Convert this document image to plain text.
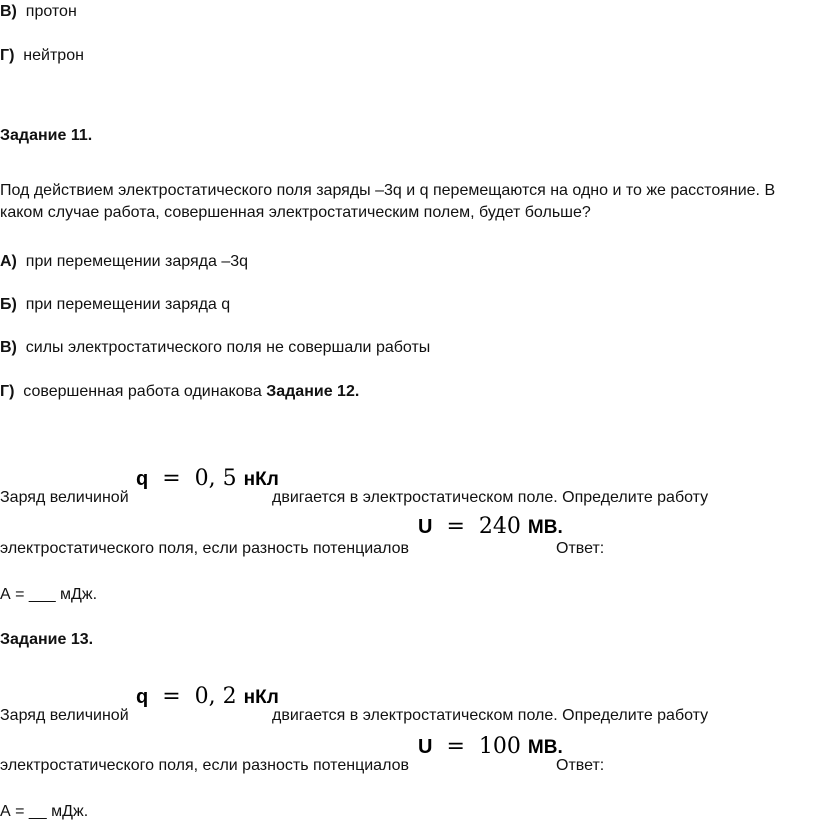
В) протон
Г) нейтрон
Задание 11.
Под действием электростатического поля заряды –3q и q перемещаются на одно и то же расстояние. В каком случае работа, совершенная электростатическим полем, будет больше?
А) при перемещении заряда –3q
Б) при перемещении заряда q
В) силы электростатического поля не совершали работы
Г) совершенная работа одинакова Задание 12.
q = 0, 5 нКл
Заряд величиной	двигается в электростатическом поле. Определите работу
U = 240 МВ.
электростатического поля, если разность потенциалов	Ответ:
А = ___ мДж.
Задание 13.
q = 0, 2 нКл
Заряд величиной	двигается в электростатическом поле. Определите работу
U = 100 МВ.
электростатического поля, если разность потенциалов	Ответ:
А = __ мДж.
